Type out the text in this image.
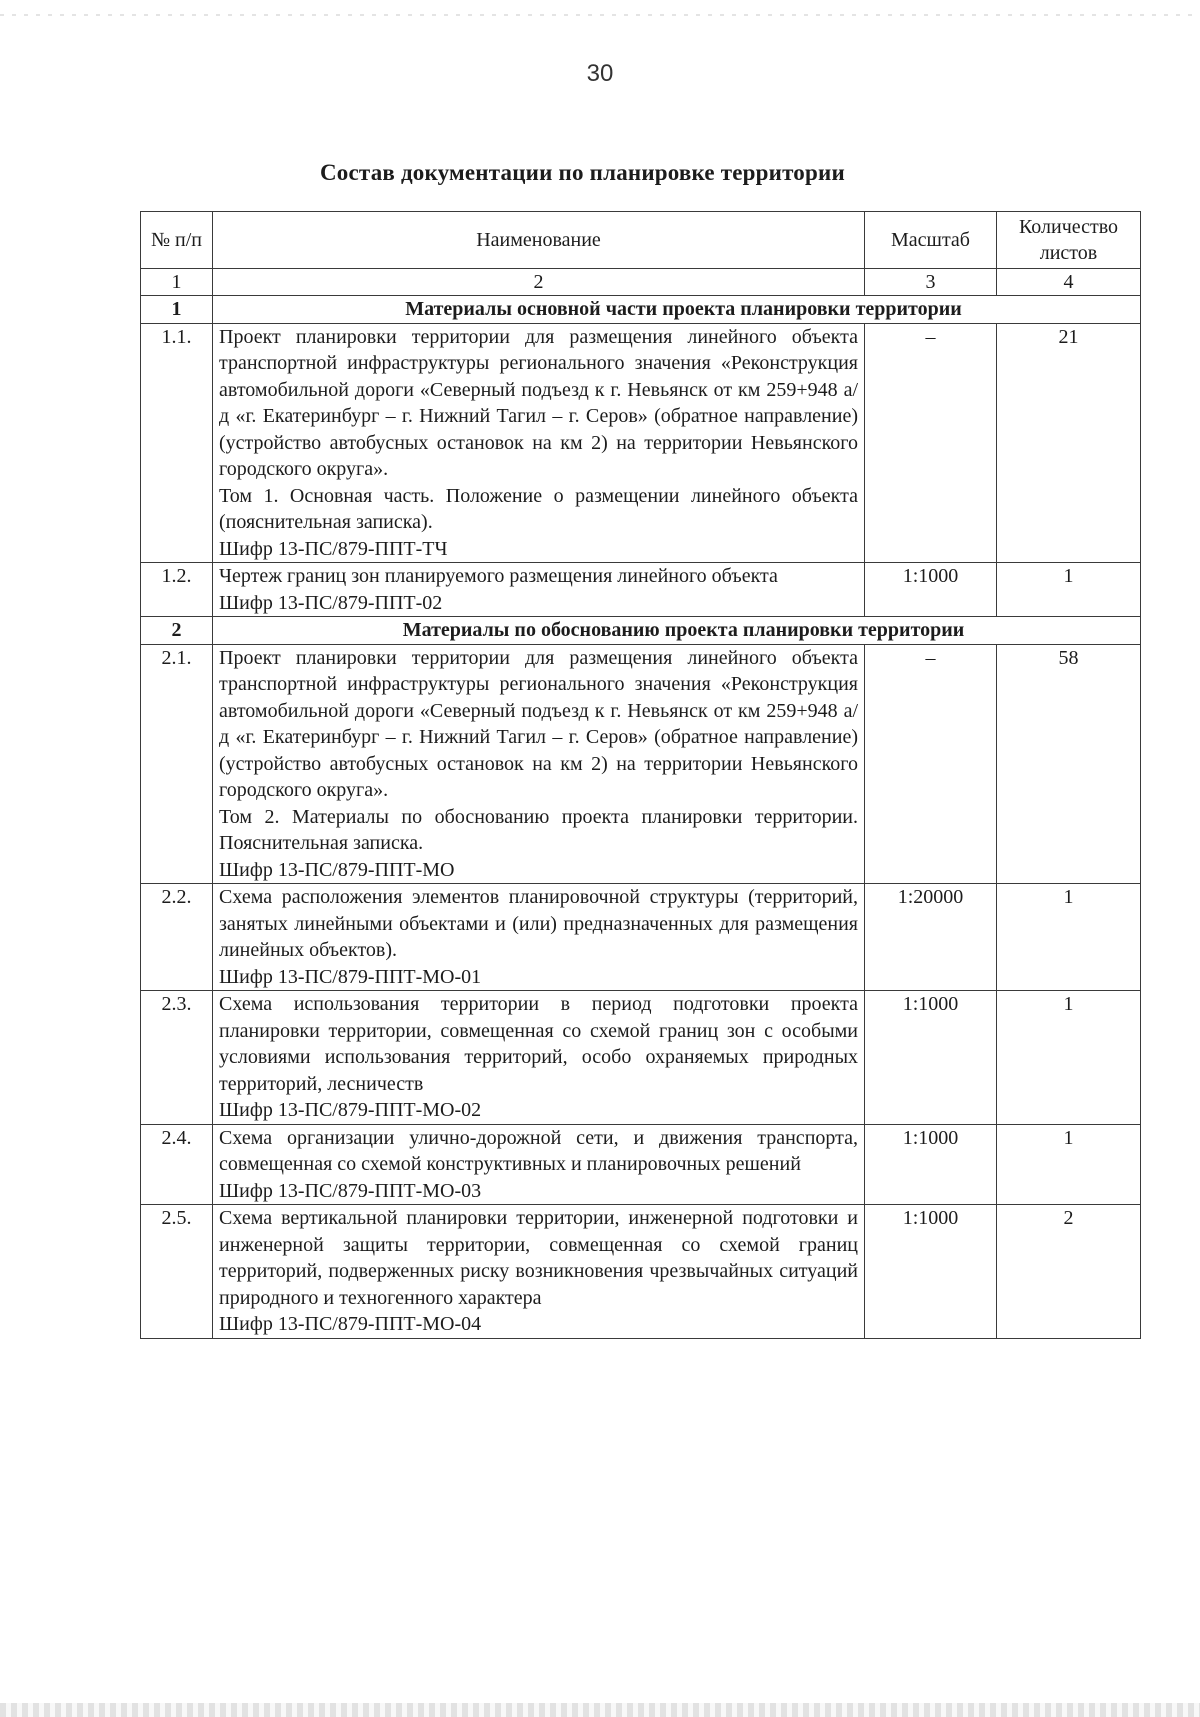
30
Состав документации по планировке территории
№ п/п	Наименование	Масштаб	Количество листов
1	2	3	4
1	Материалы основной части проекта планировки территории		
1.1.	Проект планировки территории для размещения линейного объекта транспортной инфраструктуры регионального значения «Реконструкция автомобильной дороги «Северный подъезд к г. Невьянск от км 259+948 а/д «г. Екатеринбург – г. Нижний Тагил – г. Серов» (обратное направление) (устройство автобусных остановок на км 2) на территории Невьянского городского округа».
Том 1. Основная часть. Положение о размещении линейного объекта (пояснительная записка).
Шифр 13-ПС/879-ППТ-ТЧ	–	21
1.2.	Чертеж границ зон планируемого размещения линейного объекта
Шифр 13-ПС/879-ППТ-02	1:1000	1
2	Материалы по обоснованию проекта планировки территории		
2.1.	Проект планировки территории для размещения линейного объекта транспортной инфраструктуры регионального значения «Реконструкция автомобильной дороги «Северный подъезд к г. Невьянск от км 259+948 а/д «г. Екатеринбург – г. Нижний Тагил – г. Серов» (обратное направление) (устройство автобусных остановок на км 2) на территории Невьянского городского округа».
Том 2. Материалы по обоснованию проекта планировки территории. Пояснительная записка.
Шифр 13-ПС/879-ППТ-МО	–	58
2.2.	Схема расположения элементов планировочной структуры (территорий, занятых линейными объектами и (или) предназначенных для размещения линейных объектов).
Шифр 13-ПС/879-ППТ-МО-01	1:20000	1
2.3.	Схема использования территории в период подготовки проекта планировки территории, совмещенная со схемой границ зон с особыми условиями использования территорий, особо охраняемых природных территорий, лесничеств
Шифр 13-ПС/879-ППТ-МО-02	1:1000	1
2.4.	Схема организации улично-дорожной сети, и движения транспорта, совмещенная со схемой конструктивных и планировочных решений
Шифр 13-ПС/879-ППТ-МО-03	1:1000	1
2.5.	Схема вертикальной планировки территории, инженерной подготовки и инженерной защиты территории, совмещенная со схемой границ территорий, подверженных риску возникновения чрезвычайных ситуаций природного и техногенного характера
Шифр 13-ПС/879-ППТ-МО-04	1:1000	2
